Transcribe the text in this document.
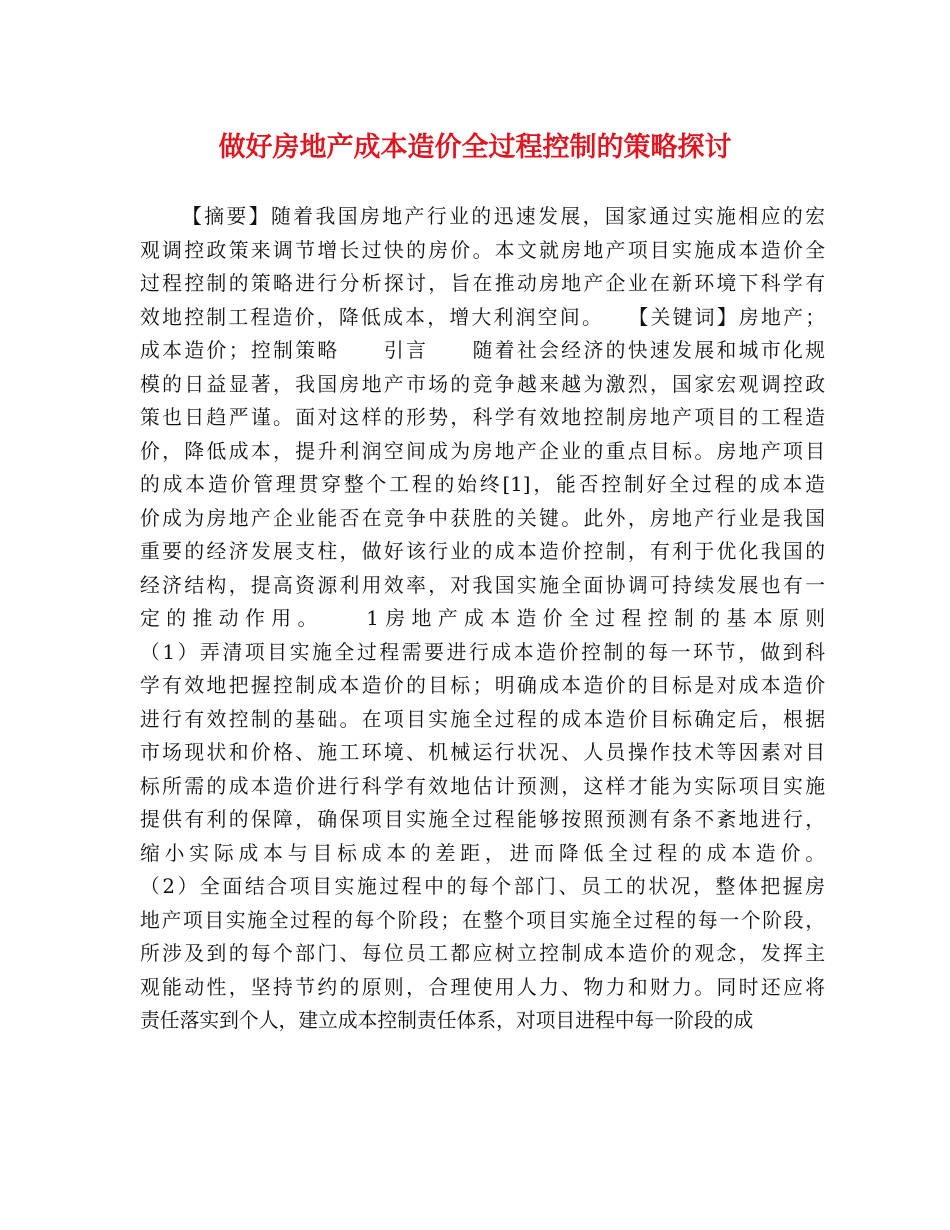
做好房地产成本造价全过程控制的策略探讨
【摘要】随着我国房地产行业的迅速发展，国家通过实施相应的宏
观调控政策来调节增长过快的房价。本文就房地产项目实施成本造价全
过程控制的策略进行分析探讨，旨在推动房地产企业在新环境下科学有
效地控制工程造价，降低成本，增大利润空间。　　【关键词】房地产；
成本造价；控制策略　　引言　　随着社会经济的快速发展和城市化规
模的日益显著，我国房地产市场的竞争越来越为激烈，国家宏观调控政
策也日趋严谨。面对这样的形势，科学有效地控制房地产项目的工程造
价，降低成本，提升利润空间成为房地产企业的重点目标。房地产项目
的成本造价管理贯穿整个工程的始终[1]，能否控制好全过程的成本造
价成为房地产企业能否在竞争中获胜的关键。此外，房地产行业是我国
重要的经济发展支柱，做好该行业的成本造价控制，有利于优化我国的
经济结构，提高资源利用效率，对我国实施全面协调可持续发展也有一
定的推动作用。　　1房地产成本造价全过程控制的基本原则
（1）弄清项目实施全过程需要进行成本造价控制的每一环节，做到科
学有效地把握控制成本造价的目标；明确成本造价的目标是对成本造价
进行有效控制的基础。在项目实施全过程的成本造价目标确定后，根据
市场现状和价格、施工环境、机械运行状况、人员操作技术等因素对目
标所需的成本造价进行科学有效地估计预测，这样才能为实际项目实施
提供有利的保障，确保项目实施全过程能够按照预测有条不紊地进行，
缩小实际成本与目标成本的差距，进而降低全过程的成本造价。
（2）全面结合项目实施过程中的每个部门、员工的状况，整体把握房
地产项目实施全过程的每个阶段；在整个项目实施全过程的每一个阶段，
所涉及到的每个部门、每位员工都应树立控制成本造价的观念，发挥主
观能动性，坚持节约的原则，合理使用人力、物力和财力。同时还应将
责任落实到个人，建立成本控制责任体系，对项目进程中每一阶段的成
